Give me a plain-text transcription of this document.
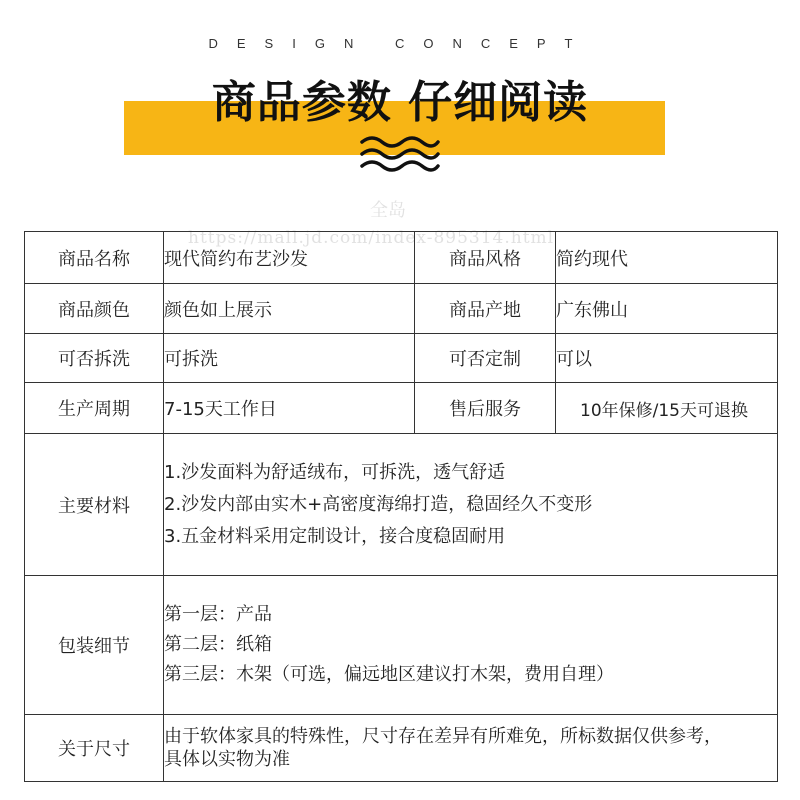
DESIGN CONCEPT
商品参数 仔细阅读
全岛
https://mall.jd.com/index-895314.html
商品名称	现代简约布艺沙发	商品风格	简约现代
商品颜色	颜色如上展示	商品产地	广东佛山
可否拆洗	可拆洗	可否定制	可以
生产周期	7-15天工作日	售后服务	10年保修/15天可退换
主要材料	1.沙发面料为舒适绒布，可拆洗，透气舒适
2.沙发内部由实木+高密度海绵打造，稳固经久不变形
3.五金材料采用定制设计，接合度稳固耐用		

包装细节	第一层：产品
第二层：纸箱
第三层：木架（可选，偏远地区建议打木架，费用自理）		

关于尺寸	由于软体家具的特殊性，尺寸存在差异有所难免，所标数据仅供参考，
具体以实物为准		
